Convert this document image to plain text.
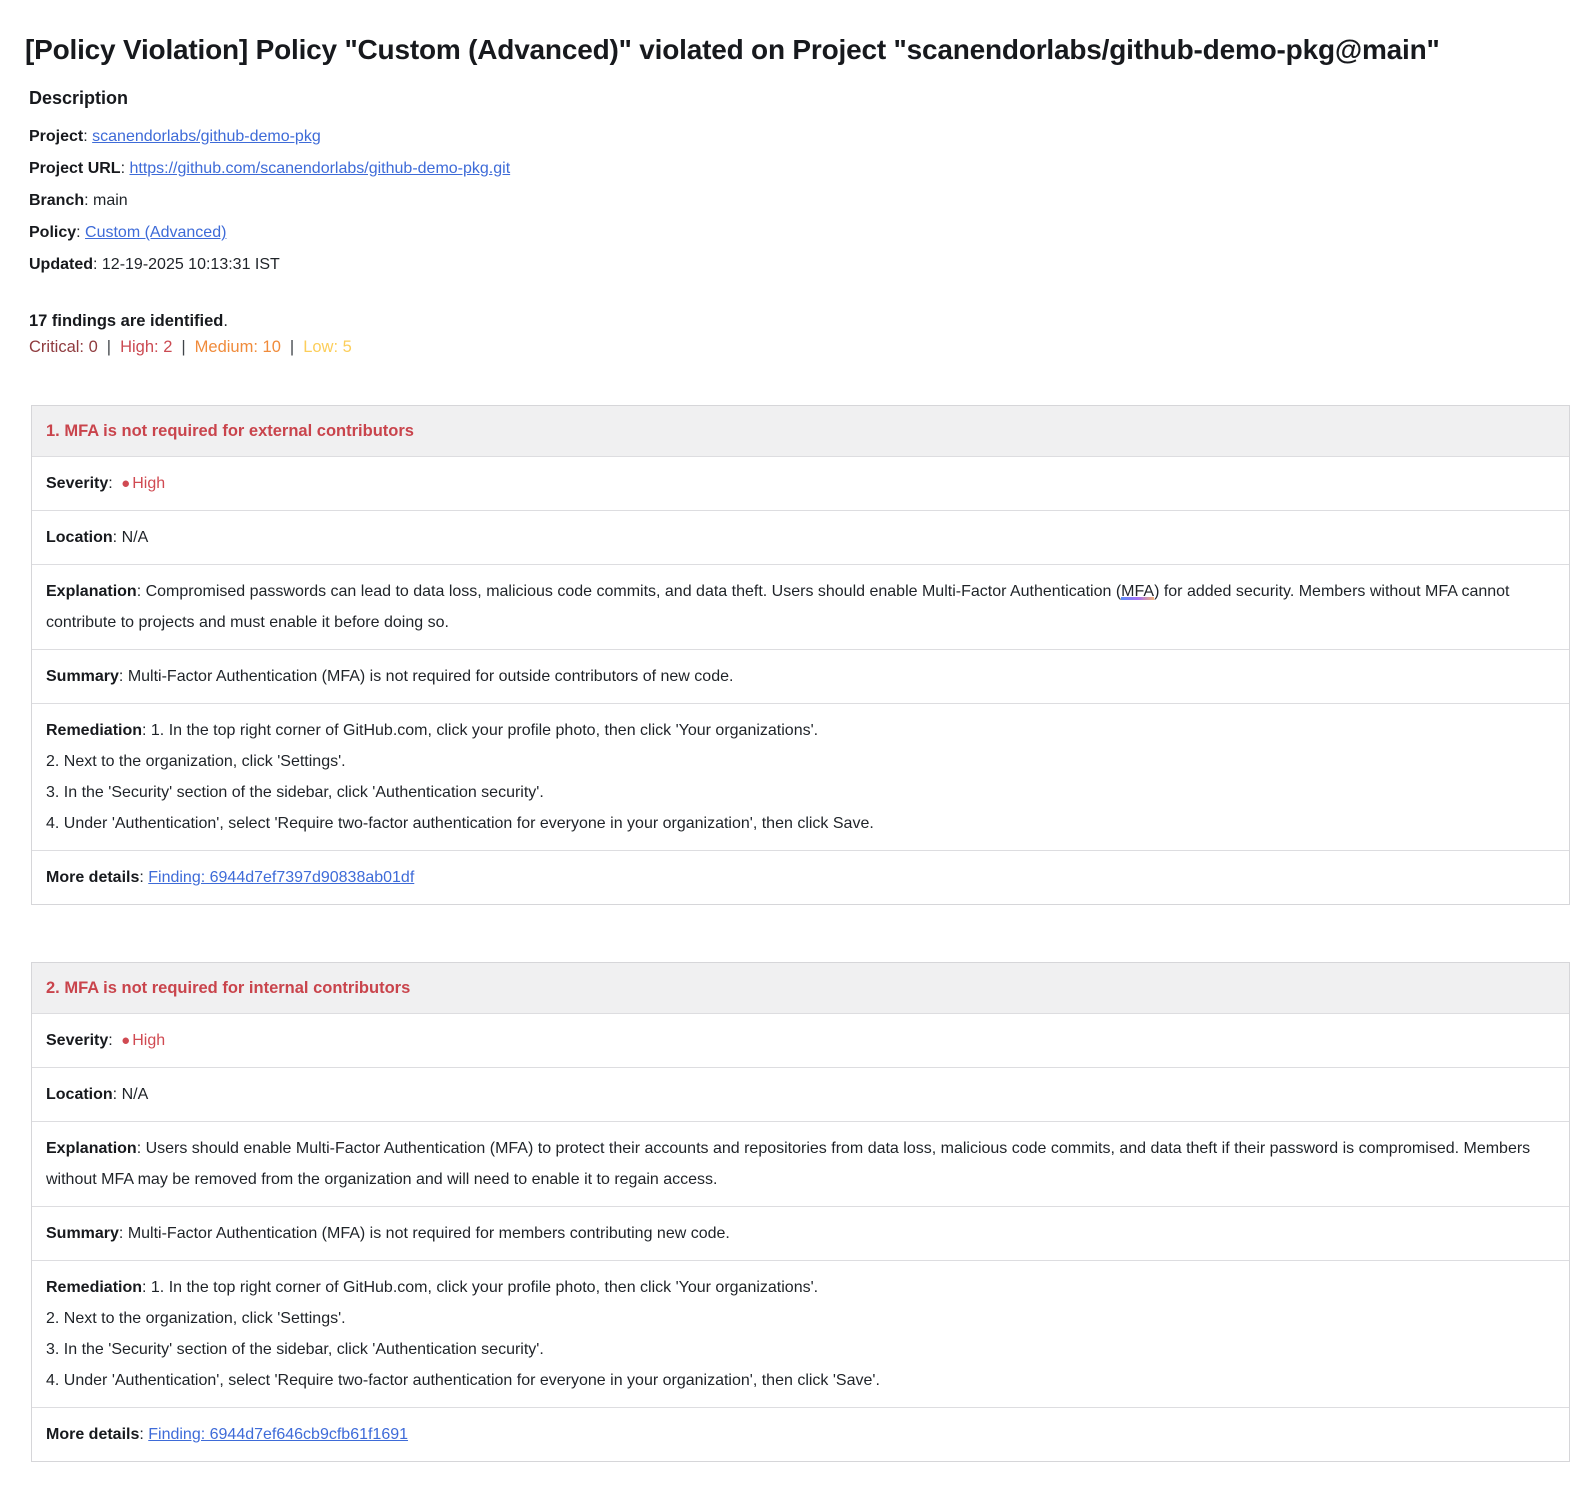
[Policy Violation] Policy "Custom (Advanced)" violated on Project "scanendorlabs/github-demo-pkg@main"
Description

Project: scanendorlabs/github-demo-pkg

Project URL: https://github.com/scanendorlabs/github-demo-pkg.git

Branch: main

Policy: Custom (Advanced)

Updated: 12-19-2025 10:13:31 IST

17 findings are identified.

Critical: 0 | High: 2 | Medium: 10 | Low: 5

1. MFA is not required for external contributors
Severity: ● High
Location: N/A
Explanation: Compromised passwords can lead to data loss, malicious code commits, and data theft. Users should enable Multi-Factor Authentication (MFA) for added security. Members without MFA cannot contribute to projects and must enable it before doing so.
Summary: Multi-Factor Authentication (MFA) is not required for outside contributors of new code.

Remediation: 1. In the top right corner of GitHub.com, click your profile photo, then click 'Your organizations'.

2. Next to the organization, click 'Settings'.

3. In the 'Security' section of the sidebar, click 'Authentication security'.

4. Under 'Authentication', select 'Require two-factor authentication for everyone in your organization', then click Save.

More details: Finding: 6944d7ef7397d90838ab01df
2. MFA is not required for internal contributors
Severity: ● High
Location: N/A
Explanation: Users should enable Multi-Factor Authentication (MFA) to protect their accounts and repositories from data loss, malicious code commits, and data theft if their password is compromised. Members without MFA may be removed from the organization and will need to enable it to regain access.
Summary: Multi-Factor Authentication (MFA) is not required for members contributing new code.

Remediation: 1. In the top right corner of GitHub.com, click your profile photo, then click 'Your organizations'.

2. Next to the organization, click 'Settings'.

3. In the 'Security' section of the sidebar, click 'Authentication security'.

4. Under 'Authentication', select 'Require two-factor authentication for everyone in your organization', then click 'Save'.

More details: Finding: 6944d7ef646cb9cfb61f1691
